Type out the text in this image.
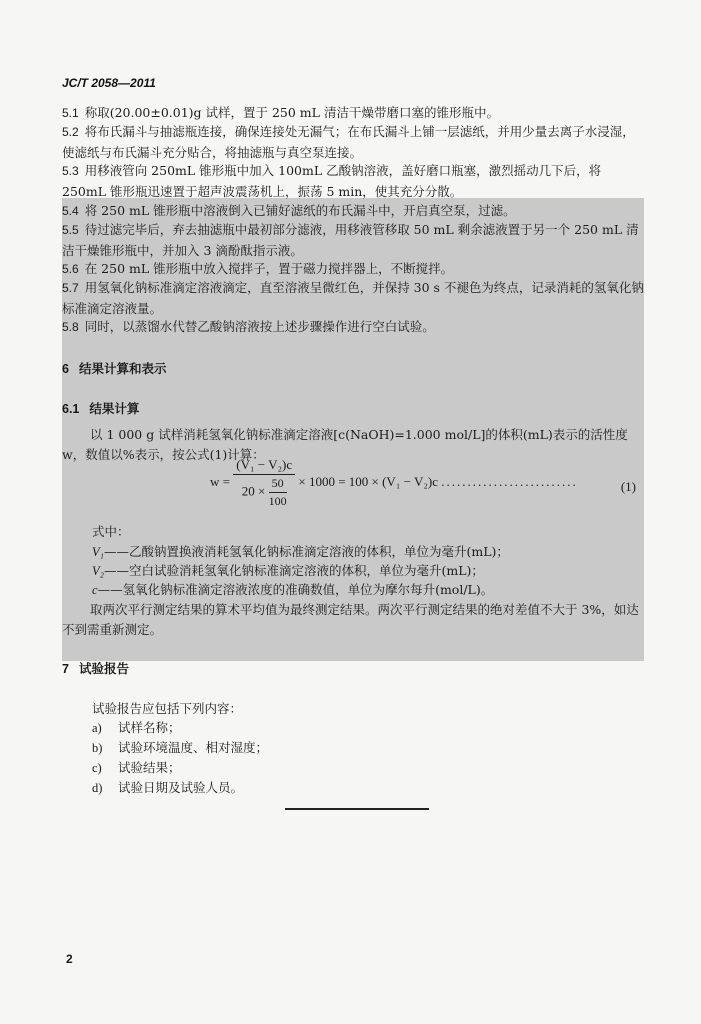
JC/T 2058—2011
5.1 称取(20.00±0.01)g 试样，置于 250 mL 清洁干燥带磨口塞的锥形瓶中。
5.2 将布氏漏斗与抽滤瓶连接，确保连接处无漏气；在布氏漏斗上铺一层滤纸，并用少量去离子水浸湿，使滤纸与布氏漏斗充分贴合，将抽滤瓶与真空泵连接。
5.3 用移液管向 250mL 锥形瓶中加入 100mL 乙酸钠溶液，盖好磨口瓶塞，激烈摇动几下后，将 250mL 锥形瓶迅速置于超声波震荡机上，振荡 5 min，使其充分分散。
5.4 将 250 mL 锥形瓶中溶液倒入已铺好滤纸的布氏漏斗中，开启真空泵，过滤。
5.5 待过滤完毕后，弃去抽滤瓶中最初部分滤液，用移液管移取 50 mL 剩余滤液置于另一个 250 mL 清洁干燥锥形瓶中，并加入 3 滴酚酞指示液。
5.6 在 250 mL 锥形瓶中放入搅拌子，置于磁力搅拌器上，不断搅拌。
5.7 用氢氧化钠标准滴定溶液滴定，直至溶液呈微红色，并保持 30 s 不褪色为终点，记录消耗的氢氧化钠标准滴定溶液量。
5.8 同时，以蒸馏水代替乙酸钠溶液按上述步骤操作进行空白试验。
6 结果计算和表示
6.1 结果计算
以 1 000 g 试样消耗氢氧化钠标准滴定溶液[c(NaOH)=1.000 mol/L]的体积(mL)表示的活性度 w，数值以%表示，按公式(1)计算：
$w = \frac{\text{(V₁ − V₂)c}}{20 \times \frac{50}{100}} \times 1000 = 100 \times (V_1 - V_2)c$ ..........................	(1)
式中：
V₁——乙酸钠置换液消耗氢氧化钠标准滴定溶液的体积，单位为毫升(mL)；
V₂——空白试验消耗氢氧化钠标准滴定溶液的体积，单位为毫升(mL)；
c——氢氧化钠标准滴定溶液浓度的准确数值，单位为摩尔每升(mol/L)。
取两次平行测定结果的算术平均值为最终测定结果。两次平行测定结果的绝对差值不大于 3%，如达不到需重新测定。
7 试验报告
试验报告应包括下列内容：
a) 试样名称；
b) 试验环境温度、相对湿度；
c) 试验结果；
d) 试验日期及试验人员。
2
